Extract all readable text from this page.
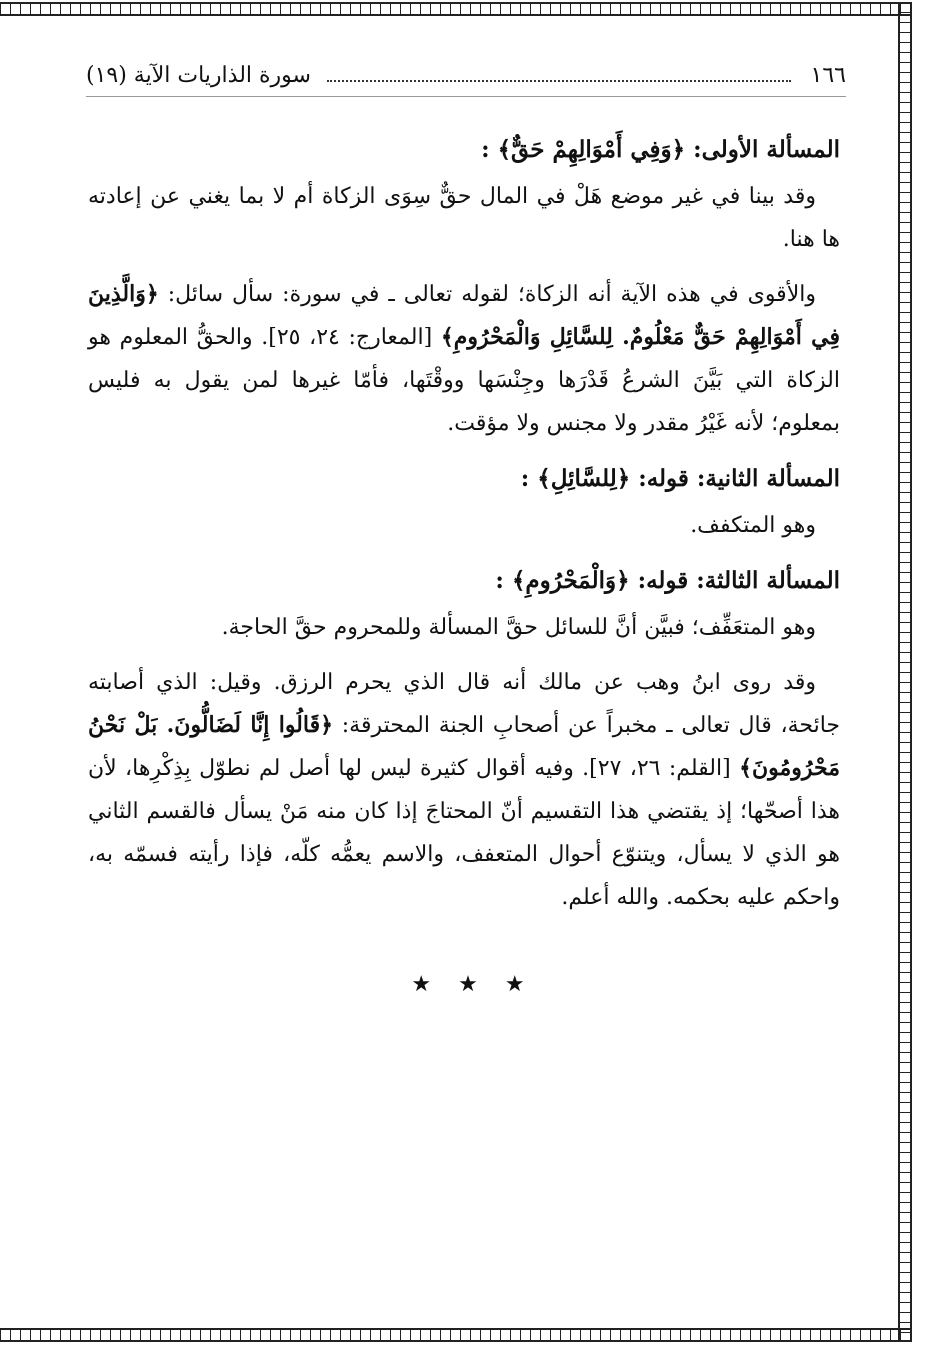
١٦٦
سورة الذاريات الآية (١٩)

المسألة الأولى: ﴿وَفِي أَمْوَالِهِمْ حَقٌّ﴾ :

وقد بينا في غير موضع هَلْ في المال حقٌّ سِوَى الزكاة أم لا بما يغني عن إعادته ها هنا.

والأقوى في هذه الآية أنه الزكاة؛ لقوله تعالى ـ في سورة: سأل سائل: ﴿وَالَّذِينَ فِي أَمْوَالِهِمْ حَقٌّ مَعْلُومٌ. لِلسَّائِلِ وَالْمَحْرُومِ﴾ [المعارج: ٢٤، ٢٥]. والحقُّ المعلوم هو الزكاة التي بَيَّنَ الشرعُ قَدْرَها وجِنْسَها ووقْتَها، فأمّا غيرها لمن يقول به فليس بمعلوم؛ لأنه غَيْرُ مقدر ولا مجنس ولا مؤقت.

المسألة الثانية: قوله: ﴿لِلسَّائِلِ﴾ :

وهو المتكفف.

المسألة الثالثة: قوله: ﴿وَالْمَحْرُومِ﴾ :

وهو المتعَفِّف؛ فبيَّن أنَّ للسائل حقَّ المسألة وللمحروم حقَّ الحاجة.

وقد روى ابنُ وهب عن مالك أنه قال الذي يحرم الرزق. وقيل: الذي أصابته جائحة، قال تعالى ـ مخبراً عن أصحابِ الجنة المحترقة: ﴿قَالُوا إِنَّا لَضَالُّونَ. بَلْ نَحْنُ مَحْرُومُونَ﴾ [القلم: ٢٦، ٢٧]. وفيه أقوال كثيرة ليس لها أصل لم نطوّل بِذِكْرِها، لأن هذا أصحّها؛ إذ يقتضي هذا التقسيم أنّ المحتاجَ إذا كان منه مَنْ يسأل فالقسم الثاني هو الذي لا يسأل، ويتنوّع أحوال المتعفف، والاسم يعمُّه كلّه، فإذا رأيته فسمّه به، واحكم عليه بحكمه. والله أعلم.

★ ★ ★
